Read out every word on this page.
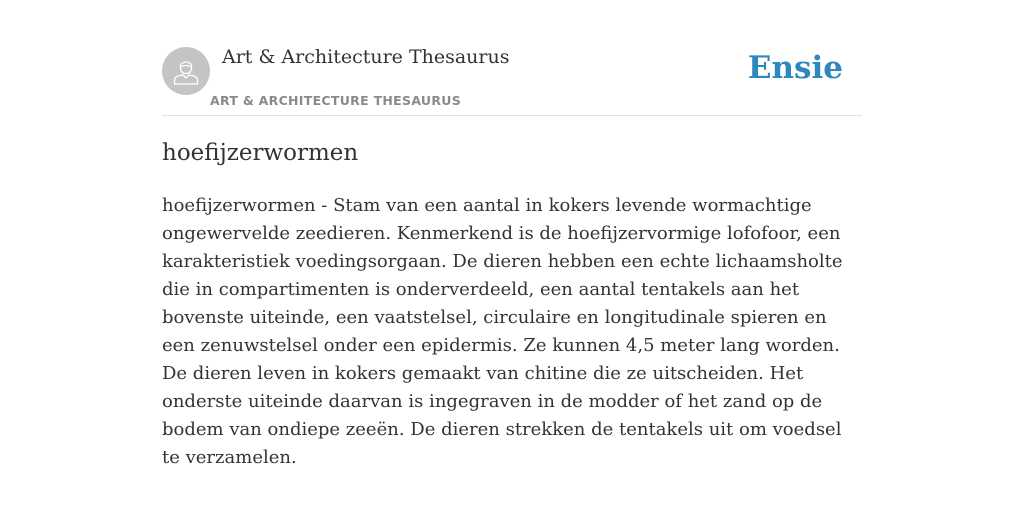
Art & Architecture Thesaurus
ART & ARCHITECTURE THESAURUS
Ensie
hoefijzerwormen

hoefijzerwormen - Stam van een aantal in kokers levende wormachtige ongewervelde zeedieren. Kenmerkend is de hoefijzervormige lofofoor, een karakteristiek voedingsorgaan. De dieren hebben een echte lichaamsholte die in compartimenten is onderverdeeld, een aantal tentakels aan het bovenste uiteinde, een vaatstelsel, circulaire en longitudinale spieren en een zenuwstelsel onder een epidermis. Ze kunnen 4,5 meter lang worden. De dieren leven in kokers gemaakt van chitine die ze uitscheiden. Het onderste uiteinde daarvan is ingegraven in de modder of het zand op de bodem van ondiepe zeeën. De dieren strekken de tentakels uit om voedsel te verzamelen.
